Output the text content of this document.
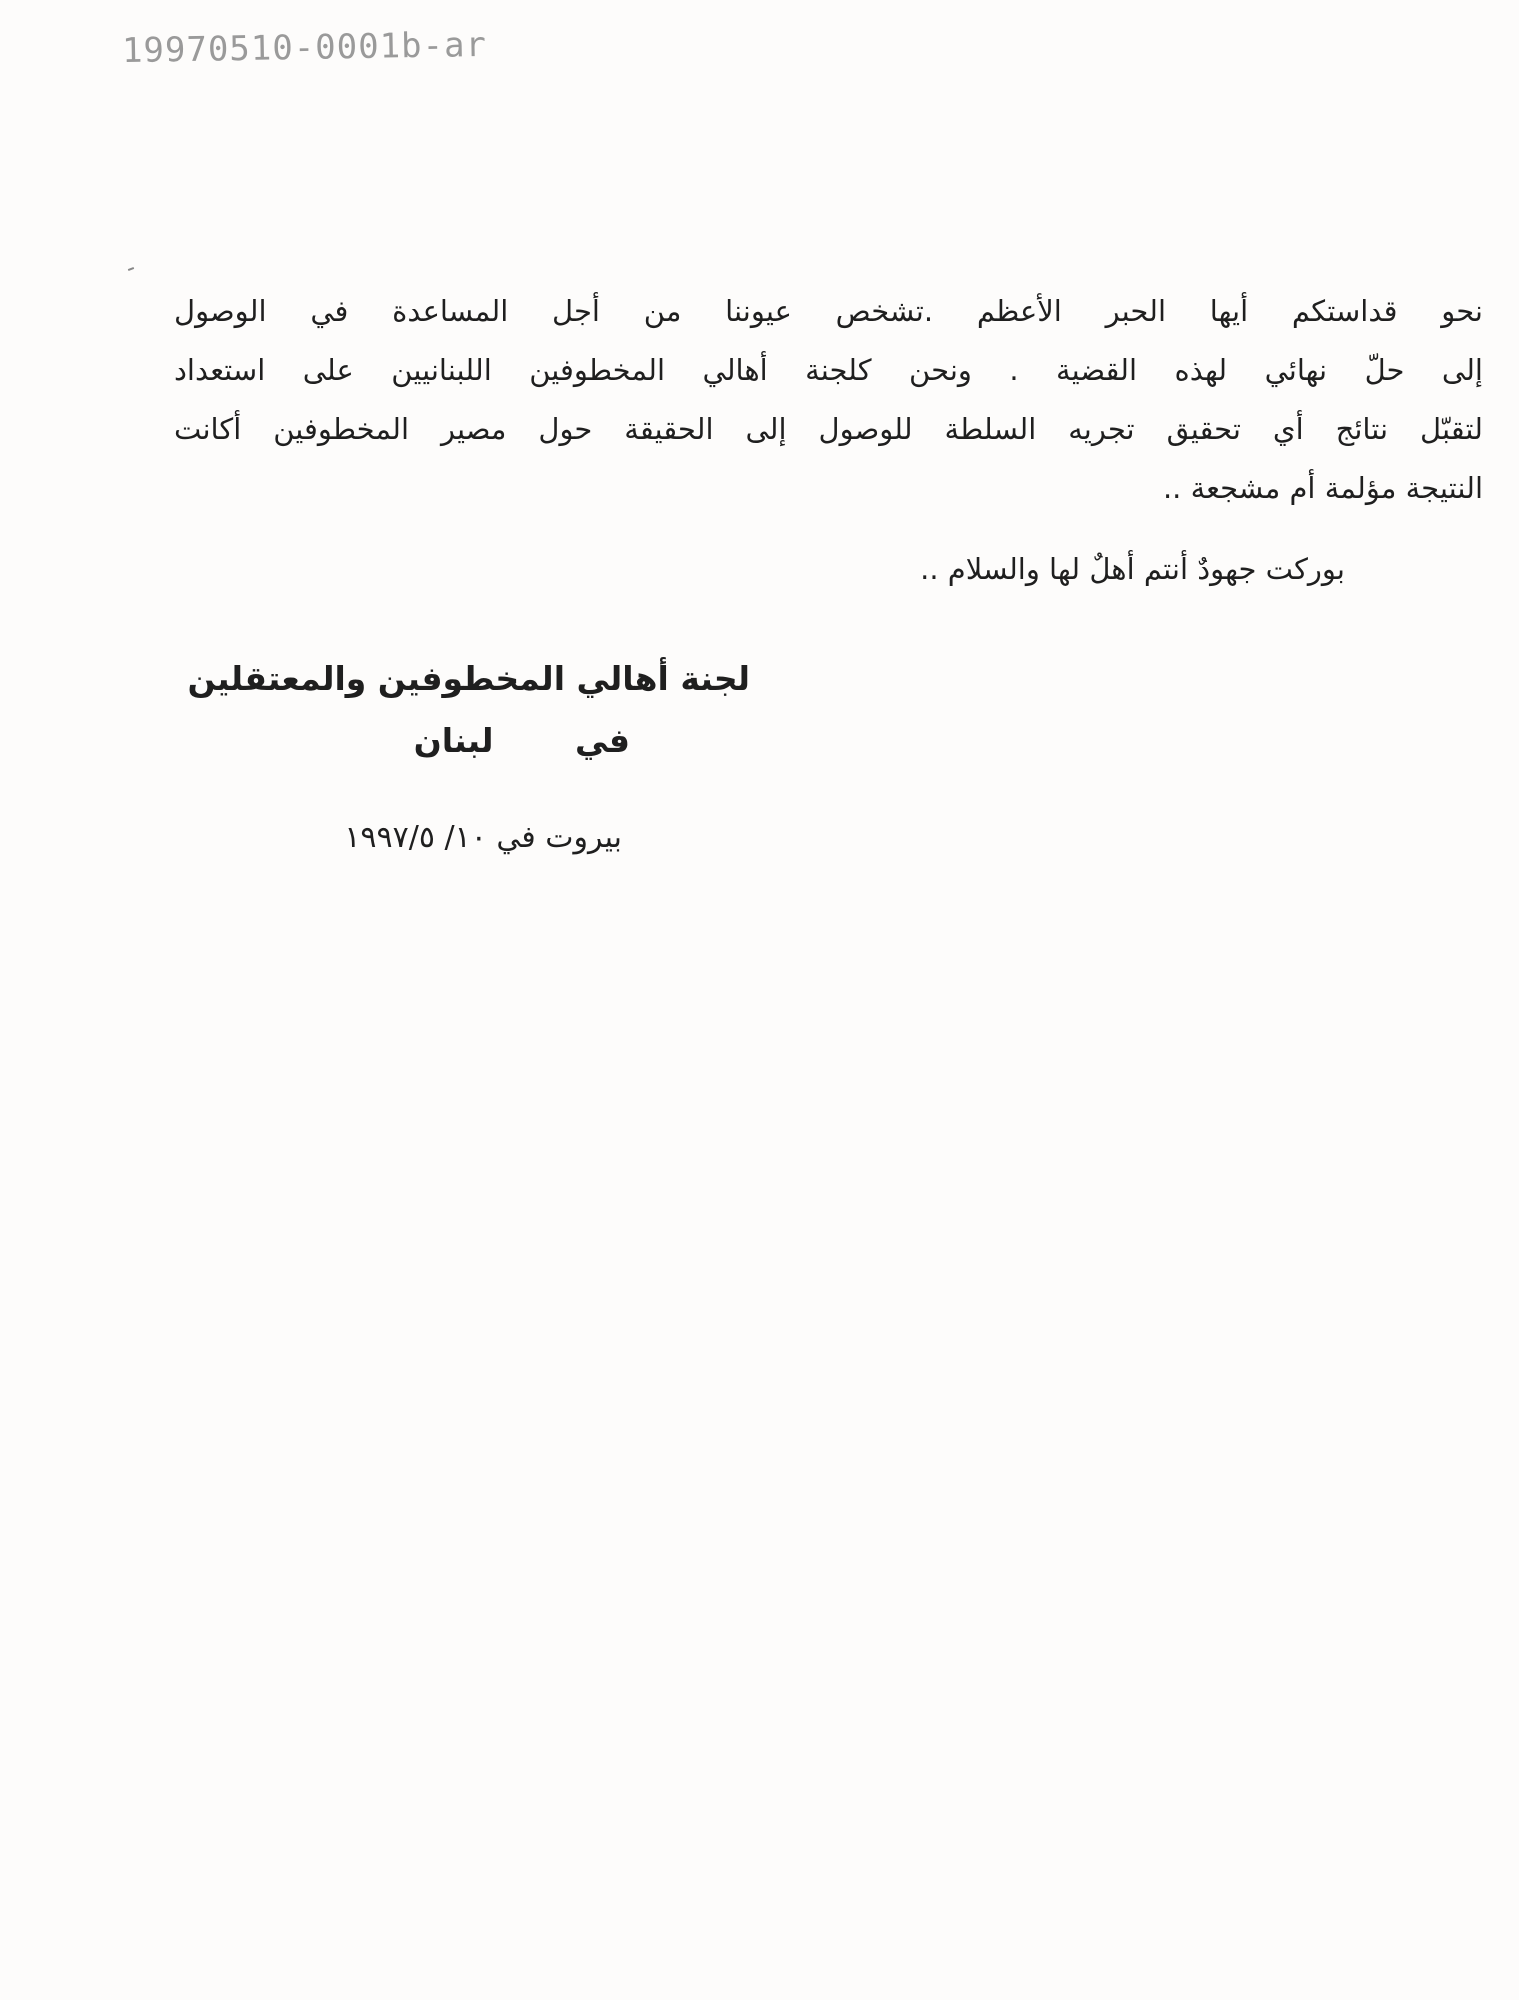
19970510-0001b-ar
نحو قداستكم أيها الحبر الأعظم .تشخص عيوننا من أجل المساعدة في الوصول
إلى حلّ نهائي لهذه القضية . ونحن كلجنة أهالي المخطوفين اللبنانيين على استعداد
لتقبّل نتائج أي تحقيق تجريه السلطة للوصول إلى الحقيقة حول مصير المخطوفين أكانت
النتيجة مؤلمة أم مشجعة ..
بوركت جهودٌ أنتم أهلٌ لها والسلام ..
لجنة أهالي المخطوفين والمعتقلين
في لبنان
بيروت في ١٠/ ١٩٩٧/٥
